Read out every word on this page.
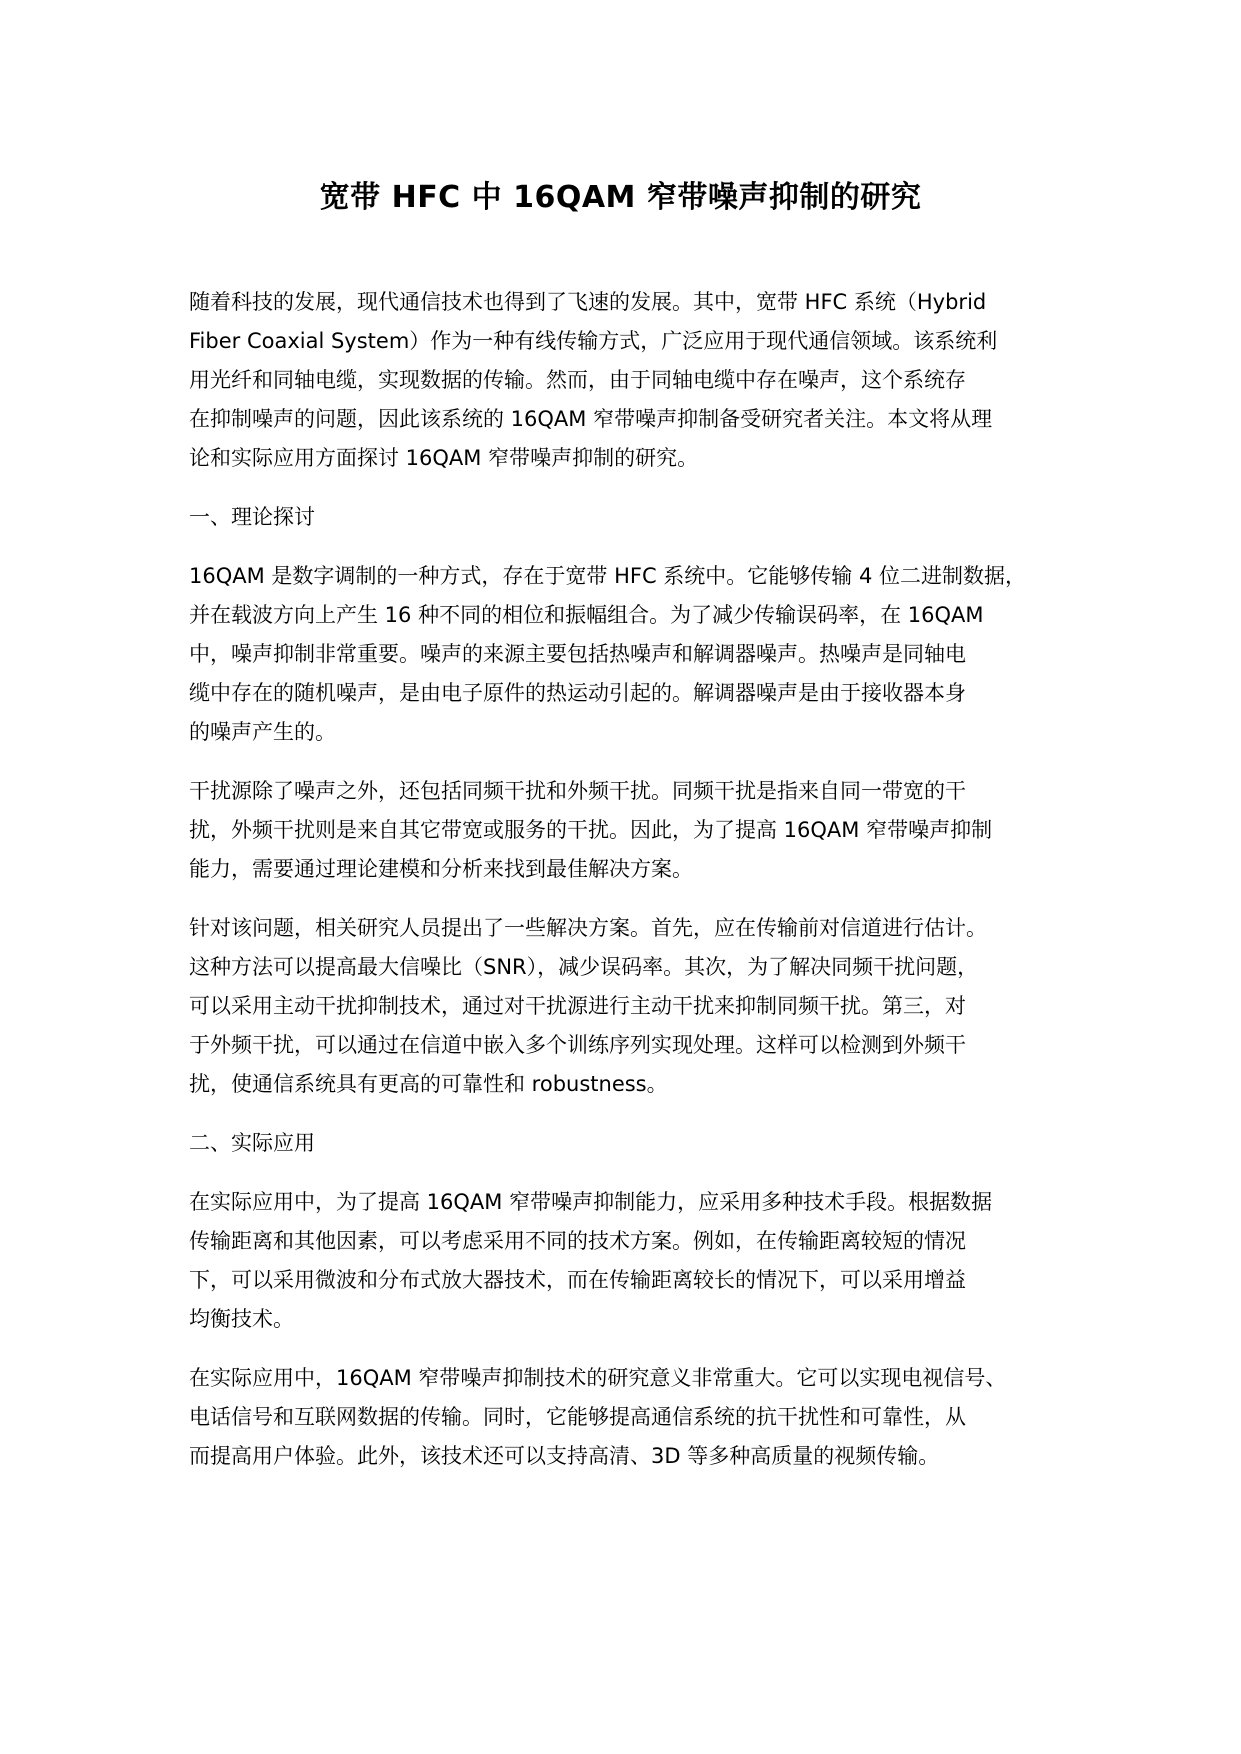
宽带 HFC 中 16QAM 窄带噪声抑制的研究
随着科技的发展，现代通信技术也得到了飞速的发展。其中，宽带 HFC 系统（Hybrid
Fiber Coaxial System）作为一种有线传输方式，广泛应用于现代通信领域。该系统利
用光纤和同轴电缆，实现数据的传输。然而，由于同轴电缆中存在噪声，这个系统存
在抑制噪声的问题，因此该系统的 16QAM 窄带噪声抑制备受研究者关注。本文将从理
论和实际应用方面探讨 16QAM 窄带噪声抑制的研究。
一、理论探讨
16QAM 是数字调制的一种方式，存在于宽带 HFC 系统中。它能够传输 4 位二进制数据，
并在载波方向上产生 16 种不同的相位和振幅组合。为了减少传输误码率，在 16QAM
中，噪声抑制非常重要。噪声的来源主要包括热噪声和解调器噪声。热噪声是同轴电
缆中存在的随机噪声，是由电子原件的热运动引起的。解调器噪声是由于接收器本身
的噪声产生的。
干扰源除了噪声之外，还包括同频干扰和外频干扰。同频干扰是指来自同一带宽的干
扰，外频干扰则是来自其它带宽或服务的干扰。因此，为了提高 16QAM 窄带噪声抑制
能力，需要通过理论建模和分析来找到最佳解决方案。
针对该问题，相关研究人员提出了一些解决方案。首先，应在传输前对信道进行估计。
这种方法可以提高最大信噪比（SNR），减少误码率。其次，为了解决同频干扰问题，
可以采用主动干扰抑制技术，通过对干扰源进行主动干扰来抑制同频干扰。第三，对
于外频干扰，可以通过在信道中嵌入多个训练序列实现处理。这样可以检测到外频干
扰，使通信系统具有更高的可靠性和 robustness。
二、实际应用
在实际应用中，为了提高 16QAM 窄带噪声抑制能力，应采用多种技术手段。根据数据
传输距离和其他因素，可以考虑采用不同的技术方案。例如，在传输距离较短的情况
下，可以采用微波和分布式放大器技术，而在传输距离较长的情况下，可以采用增益
均衡技术。
在实际应用中，16QAM 窄带噪声抑制技术的研究意义非常重大。它可以实现电视信号、
电话信号和互联网数据的传输。同时，它能够提高通信系统的抗干扰性和可靠性，从
而提高用户体验。此外，该技术还可以支持高清、3D 等多种高质量的视频传输。
